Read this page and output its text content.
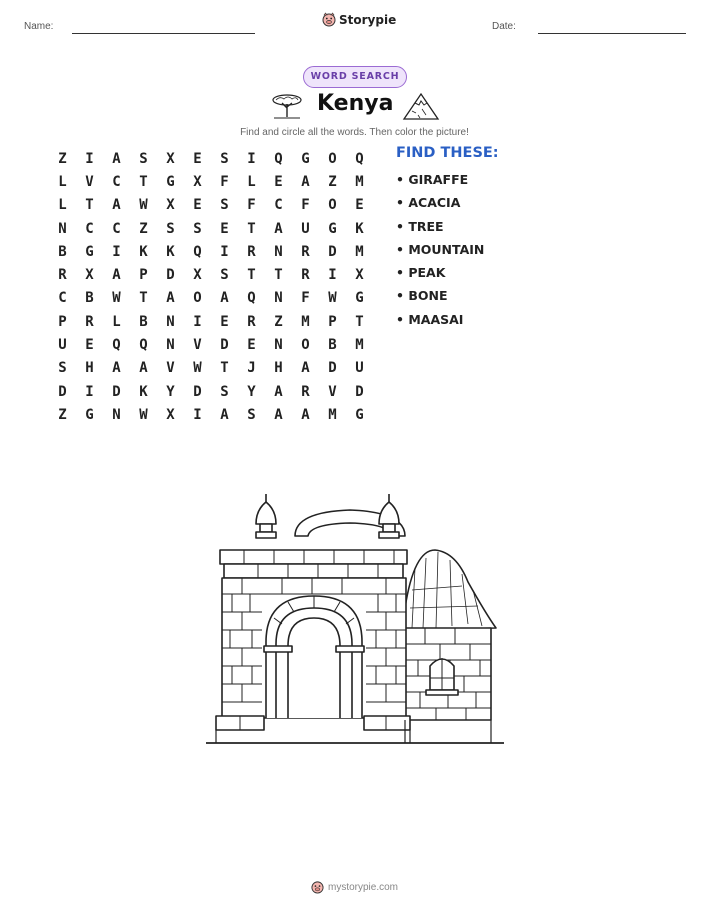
Name:	Storypie	Date:
WORD SEARCH
Kenya
Find and circle all the words. Then color the picture!
Z	I	A	S	X	E	S	I	Q	G	O	Q
L	V	C	T	G	X	F	L	E	A	Z	M
L	T	A	W	X	E	S	F	C	F	O	E
N	C	C	Z	S	S	E	T	A	U	G	K
B	G	I	K	K	Q	I	R	N	R	D	M
R	X	A	P	D	X	S	T	T	R	I	X
C	B	W	T	A	O	A	Q	N	F	W	G
P	R	L	B	N	I	E	R	Z	M	P	T
U	E	Q	Q	N	V	D	E	N	O	B	M
S	H	A	A	V	W	T	J	H	A	D	U
D	I	D	K	Y	D	S	Y	A	R	V	D
Z	G	N	W	X	I	A	S	A	A	M	G
FIND THESE:
• GIRAFFE
• ACACIA
• TREE
• MOUNTAIN
• PEAK
• BONE
• MAASAI
mystorypie.com
